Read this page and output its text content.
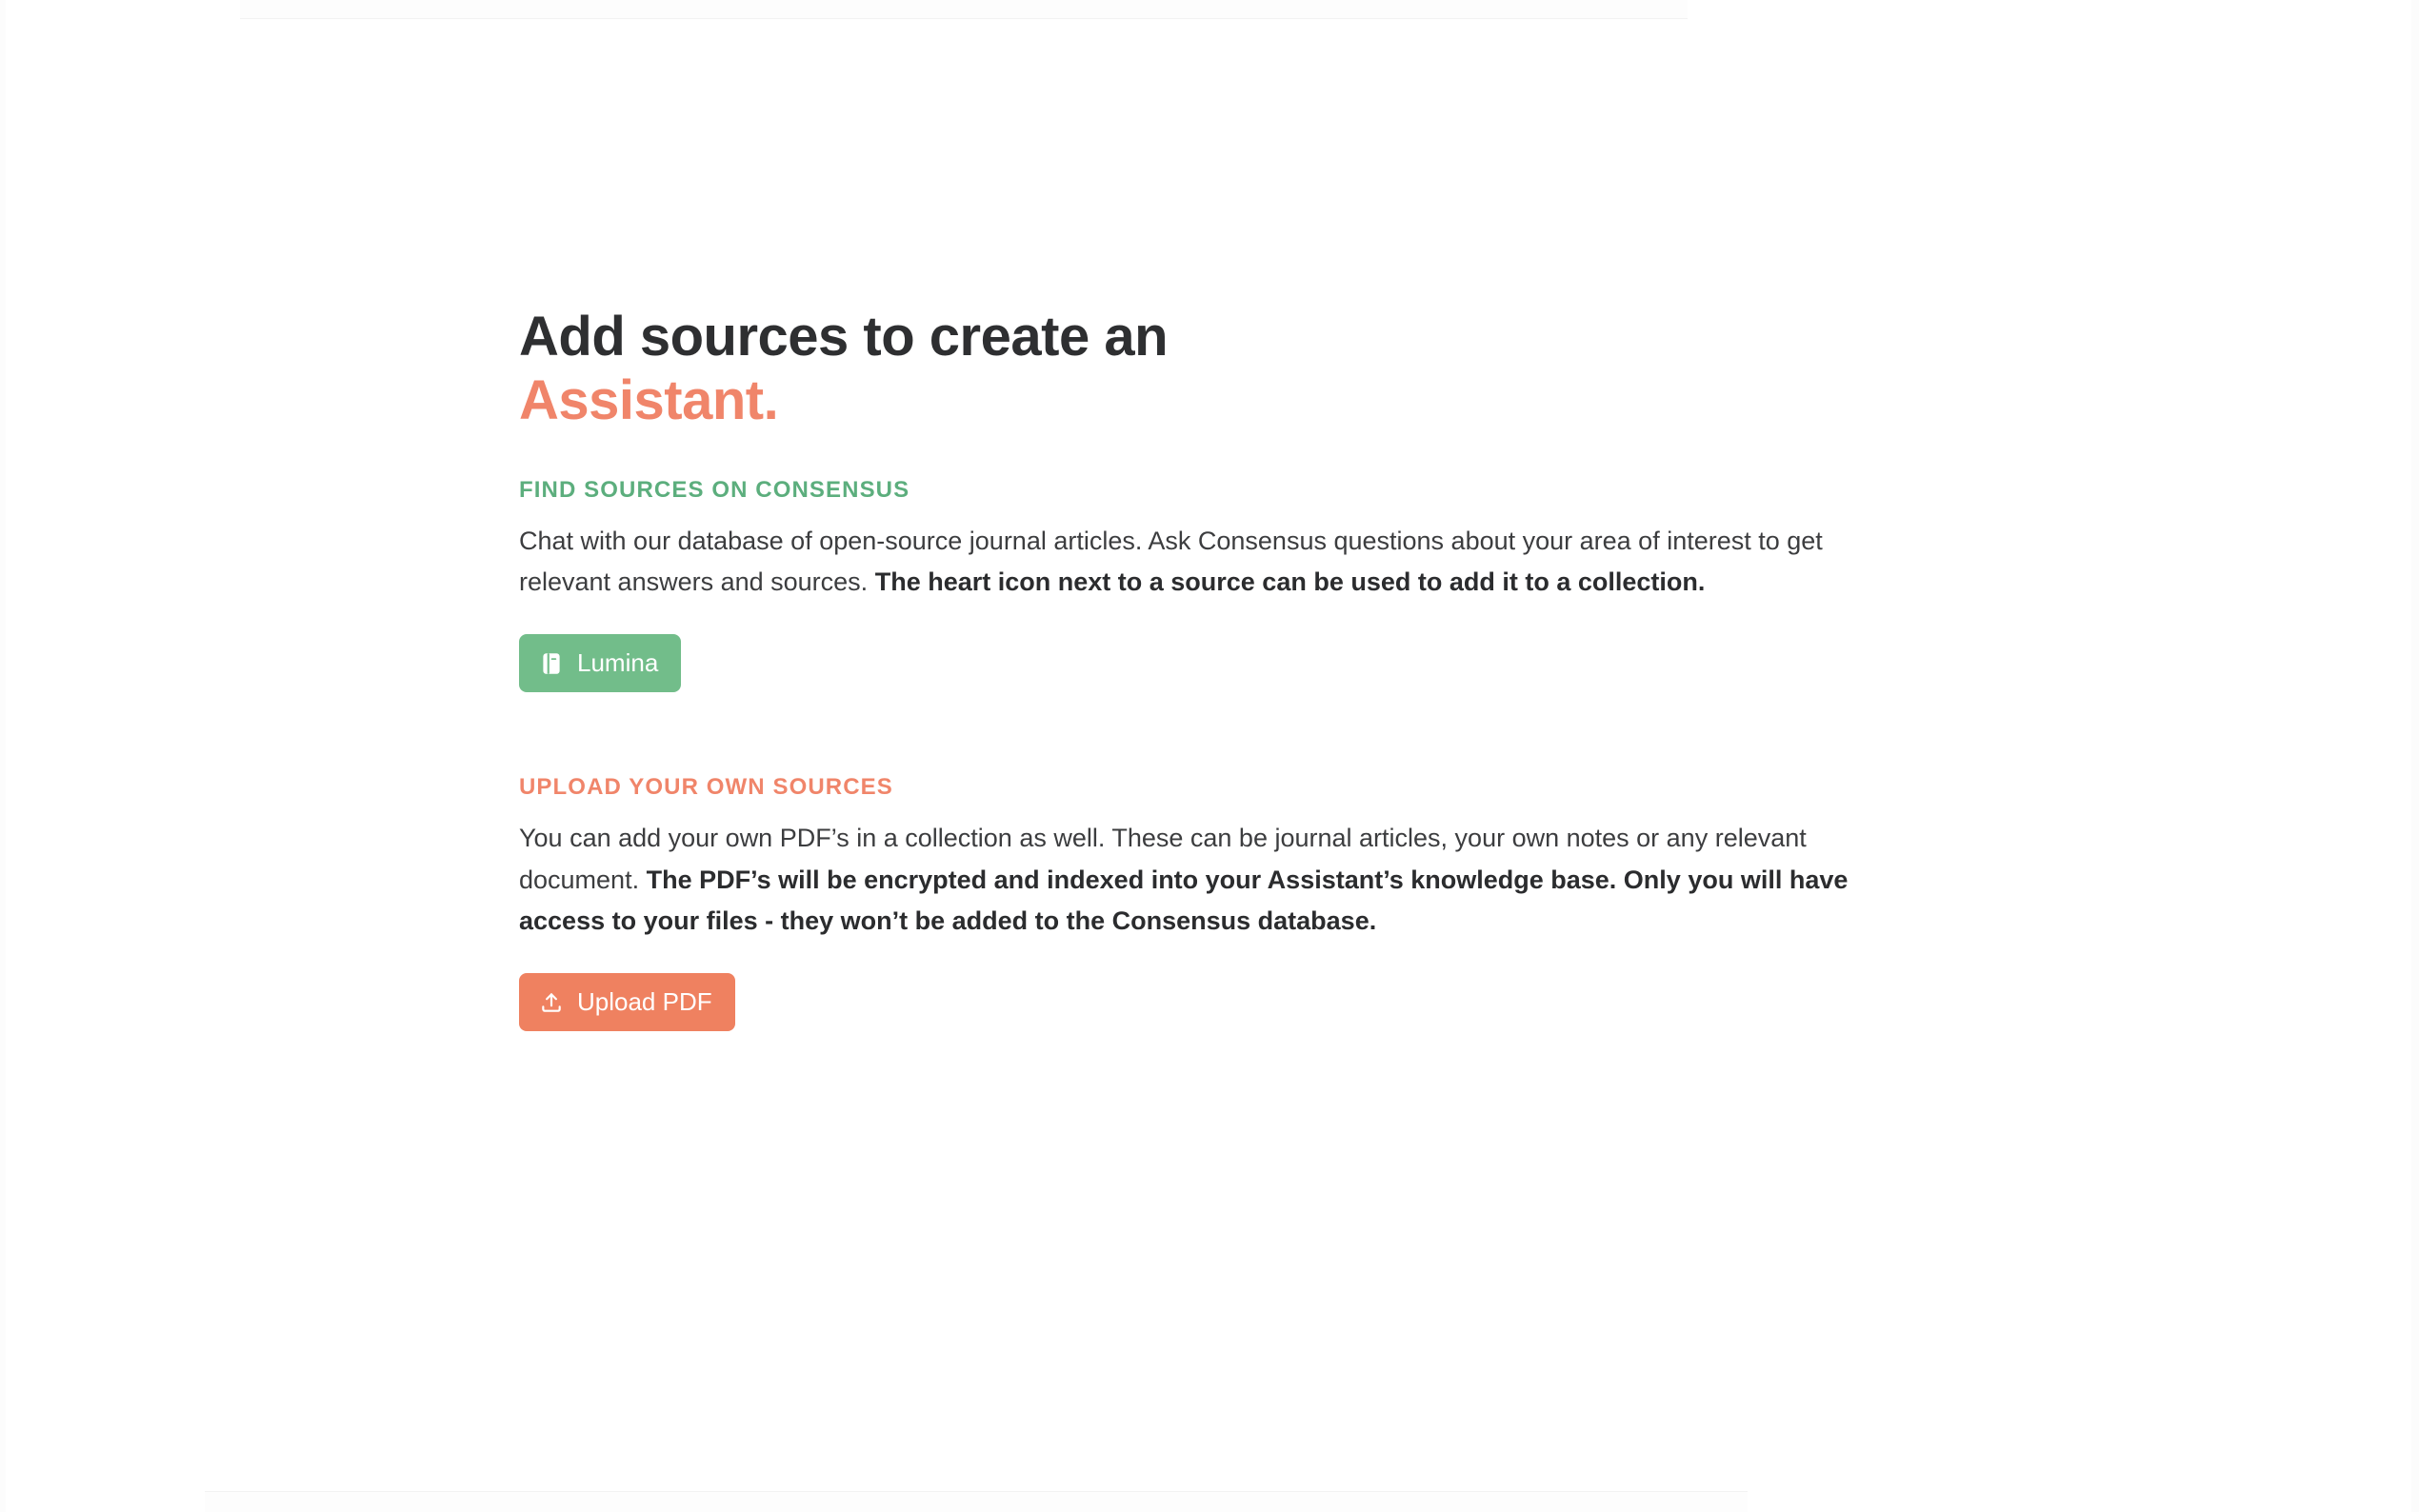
Add sources to create an
Assistant.
FIND SOURCES ON CONSENSUS

Chat with our database of open-source journal articles. Ask Consensus questions about your area of interest to get relevant answers and sources. The heart icon next to a source can be used to add it to a collection.

Lumina
UPLOAD YOUR OWN SOURCES

You can add your own PDF’s in a collection as well. These can be journal articles, your own notes or any relevant document. The PDF’s will be encrypted and indexed into your Assistant’s knowledge base. Only you will have access to your files - they won’t be added to the Consensus database.

Upload PDF
